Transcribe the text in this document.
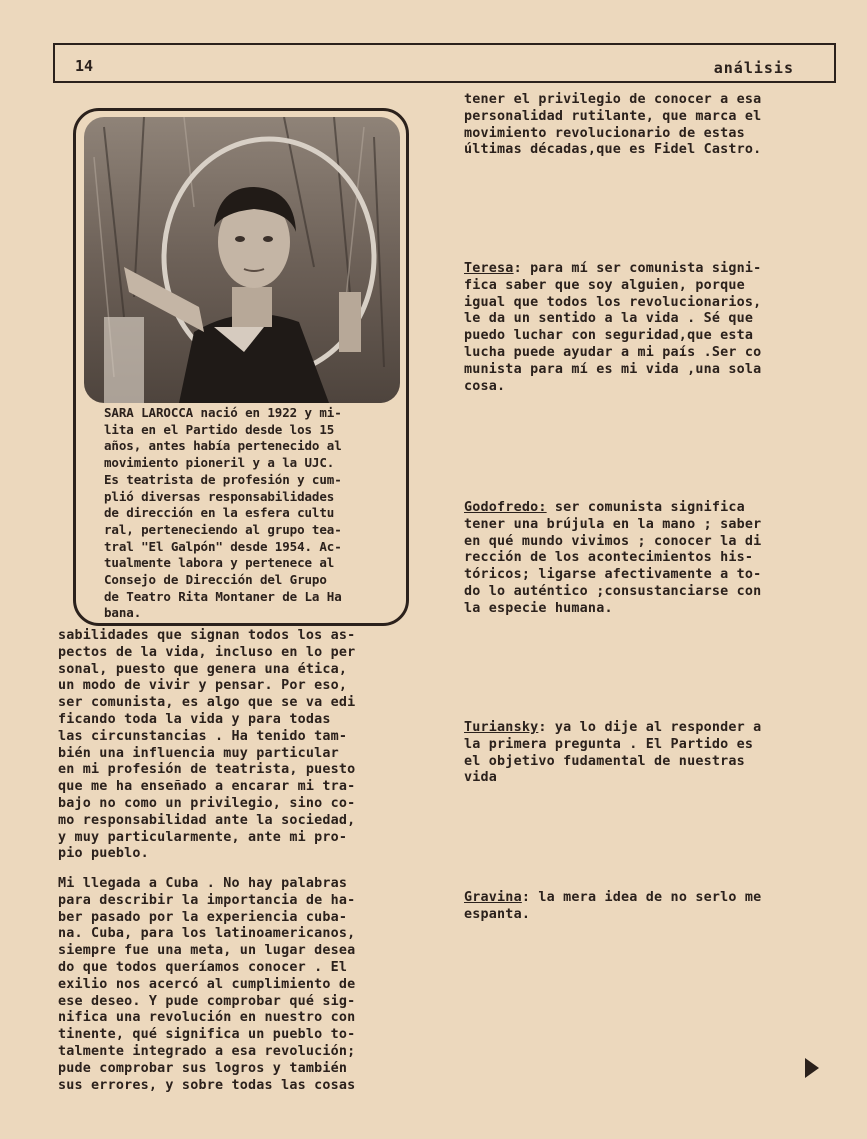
14	análisis
SARA LAROCCA nació en 1922 y mi-
lita en el Partido desde los 15
años, antes había pertenecido al
movimiento pioneril y a la UJC.
Es teatrista de profesión y cum-
plió diversas responsabilidades
de dirección en la esfera cultu
ral, perteneciendo al grupo tea-
tral "El Galpón" desde 1954. Ac-
tualmente labora y pertenece al
Consejo de Dirección del Grupo
de Teatro Rita Montaner de La Ha
bana.
sabilidades que signan todos los as-
pectos de la vida, incluso en lo per
sonal, puesto que genera una ética,
un modo de vivir y pensar. Por eso,
ser comunista, es algo que se va edi
ficando toda la vida y para todas
las circunstancias . Ha tenido tam-
bién una influencia muy particular
en mi profesión de teatrista, puesto
que me ha enseñado a encarar mi tra-
bajo no como un privilegio, sino co-
mo responsabilidad ante la sociedad,
y muy particularmente, ante mi pro-
pio pueblo.
Mi llegada a Cuba . No hay palabras
para describir la importancia de ha-
ber pasado por la experiencia cuba-
na. Cuba, para los latinoamericanos,
siempre fue una meta, un lugar desea
do que todos queríamos conocer . El
exilio nos acercó al cumplimiento de
ese deseo. Y pude comprobar qué sig-
nifica una revolución en nuestro con
tinente, qué significa un pueblo to-
talmente integrado a esa revolución;
pude comprobar sus logros y también
sus errores, y sobre todas las cosas
tener el privilegio de conocer a esa
personalidad rutilante, que marca el
movimiento revolucionario de estas
últimas décadas,que es Fidel Castro.
Teresa: para mí ser comunista signi-
fica saber que soy alguien, porque
igual que todos los revolucionarios,
le da un sentido a la vida . Sé que
puedo luchar con seguridad,que esta
lucha puede ayudar a mi país .Ser co
munista para mí es mi vida ,una sola
cosa.
Godofredo: ser comunista significa
tener una brújula en la mano ; saber
en qué mundo vivimos ; conocer la di
rección de los acontecimientos his-
tóricos; ligarse afectivamente a to-
do lo auténtico ;consustanciarse con
la especie humana.
Turiansky: ya lo dije al responder a
la primera pregunta . El Partido es
el objetivo fudamental de nuestras
vida
Gravina: la mera idea de no serlo me
espanta.
